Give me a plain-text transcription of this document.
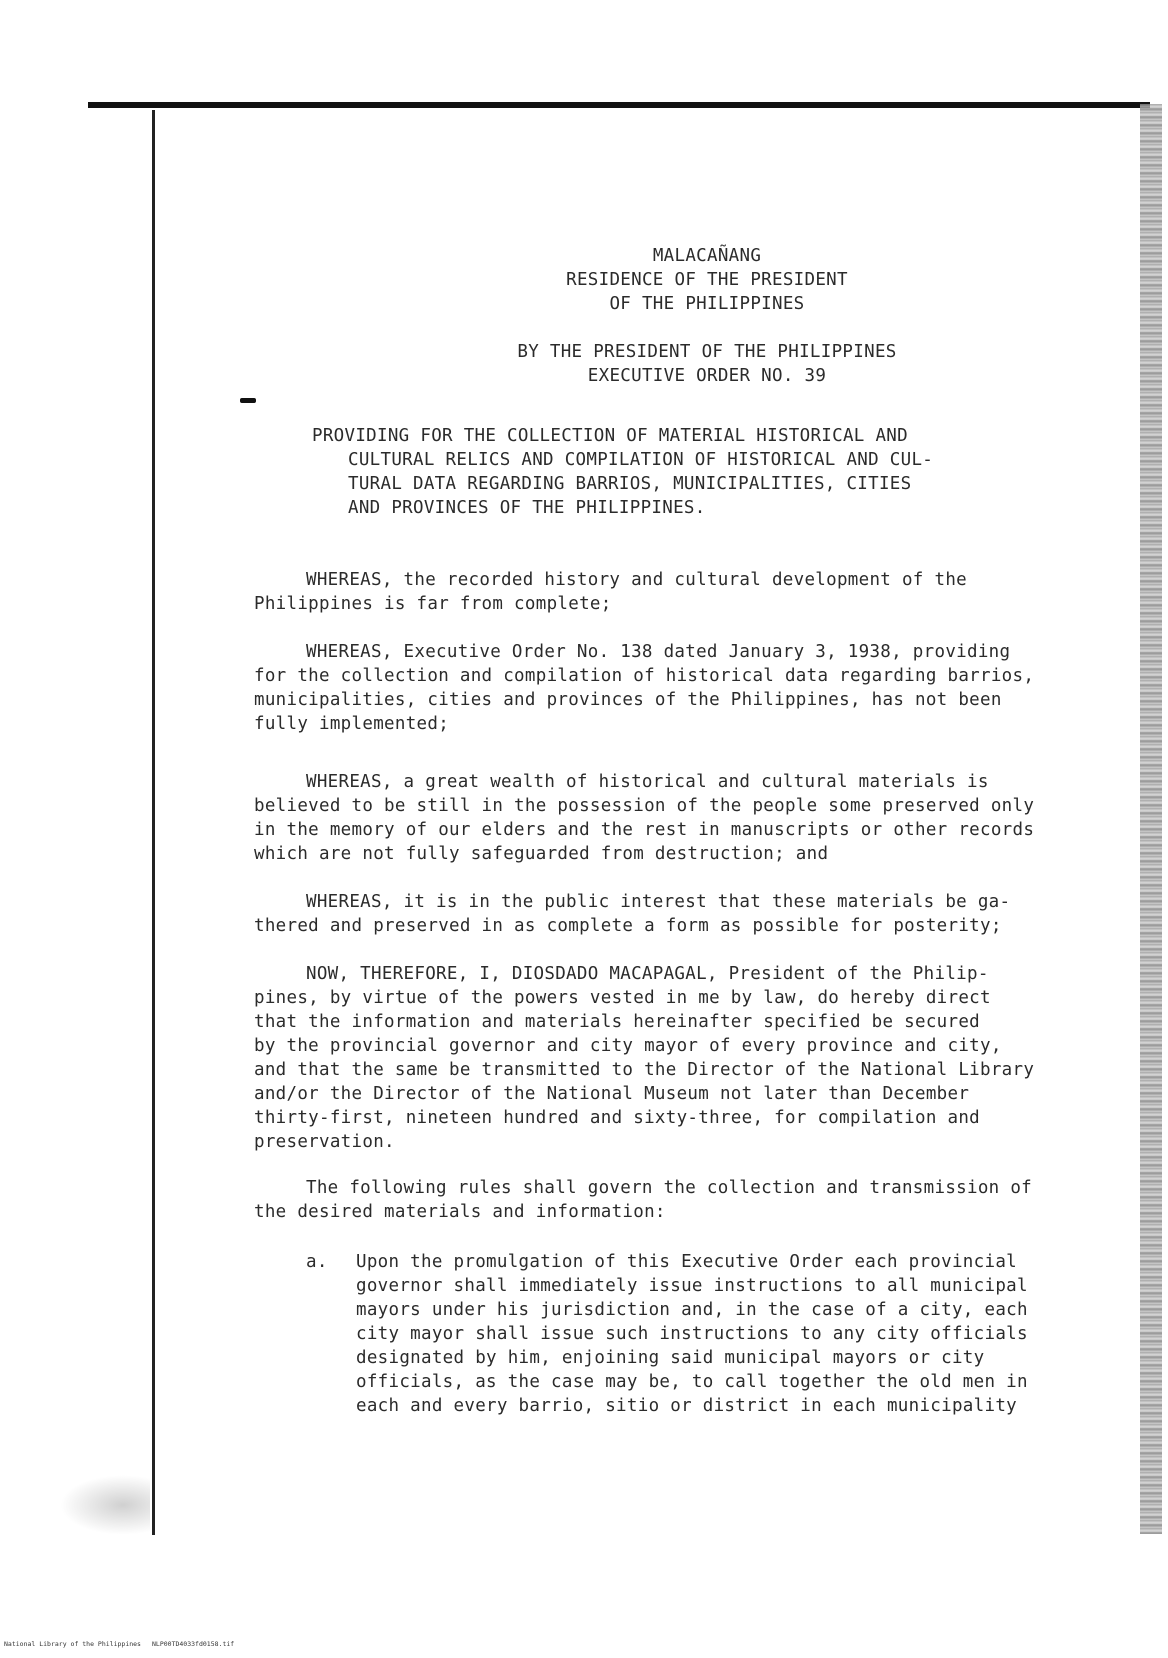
MALACAÑANG

RESIDENCE OF THE PRESIDENT

OF THE PHILIPPINES

BY THE PRESIDENT OF THE PHILIPPINES

EXECUTIVE ORDER NO. 39

PROVIDING FOR THE COLLECTION OF MATERIAL HISTORICAL AND

CULTURAL RELICS AND COMPILATION OF HISTORICAL AND CUL-

TURAL DATA REGARDING BARRIOS, MUNICIPALITIES, CITIES

AND PROVINCES OF THE PHILIPPINES.

WHEREAS, the recorded history and cultural development of the

Philippines is far from complete;

WHEREAS, Executive Order No. 138 dated January 3, 1938, providing

for the collection and compilation of historical data regarding barrios,

municipalities, cities and provinces of the Philippines, has not been

fully implemented;

WHEREAS, a great wealth of historical and cultural materials is

believed to be still in the possession of the people some preserved only

in the memory of our elders and the rest in manuscripts or other records

which are not fully safeguarded from destruction; and

WHEREAS, it is in the public interest that these materials be ga-

thered and preserved in as complete a form as possible for posterity;

NOW, THEREFORE, I, DIOSDADO MACAPAGAL, President of the Philip-

pines, by virtue of the powers vested in me by law, do hereby direct

that the information and materials hereinafter specified be secured

by the provincial governor and city mayor of every province and city,

and that the same be transmitted to the Director of the National Library

and/or the Director of the National Museum not later than December

thirty-first, nineteen hundred and sixty-three, for compilation and

preservation.

The following rules shall govern the collection and transmission of

the desired materials and information:

a. Upon the promulgation of this Executive Order each provincial

governor shall immediately issue instructions to all municipal

mayors under his jurisdiction and, in the case of a city, each

city mayor shall issue such instructions to any city officials

designated by him, enjoining said municipal mayors or city

officials, as the case may be, to call together the old men in

each and every barrio, sitio or district in each municipality

National Library of the Philippines NLP00TD4033fd0158.tif
